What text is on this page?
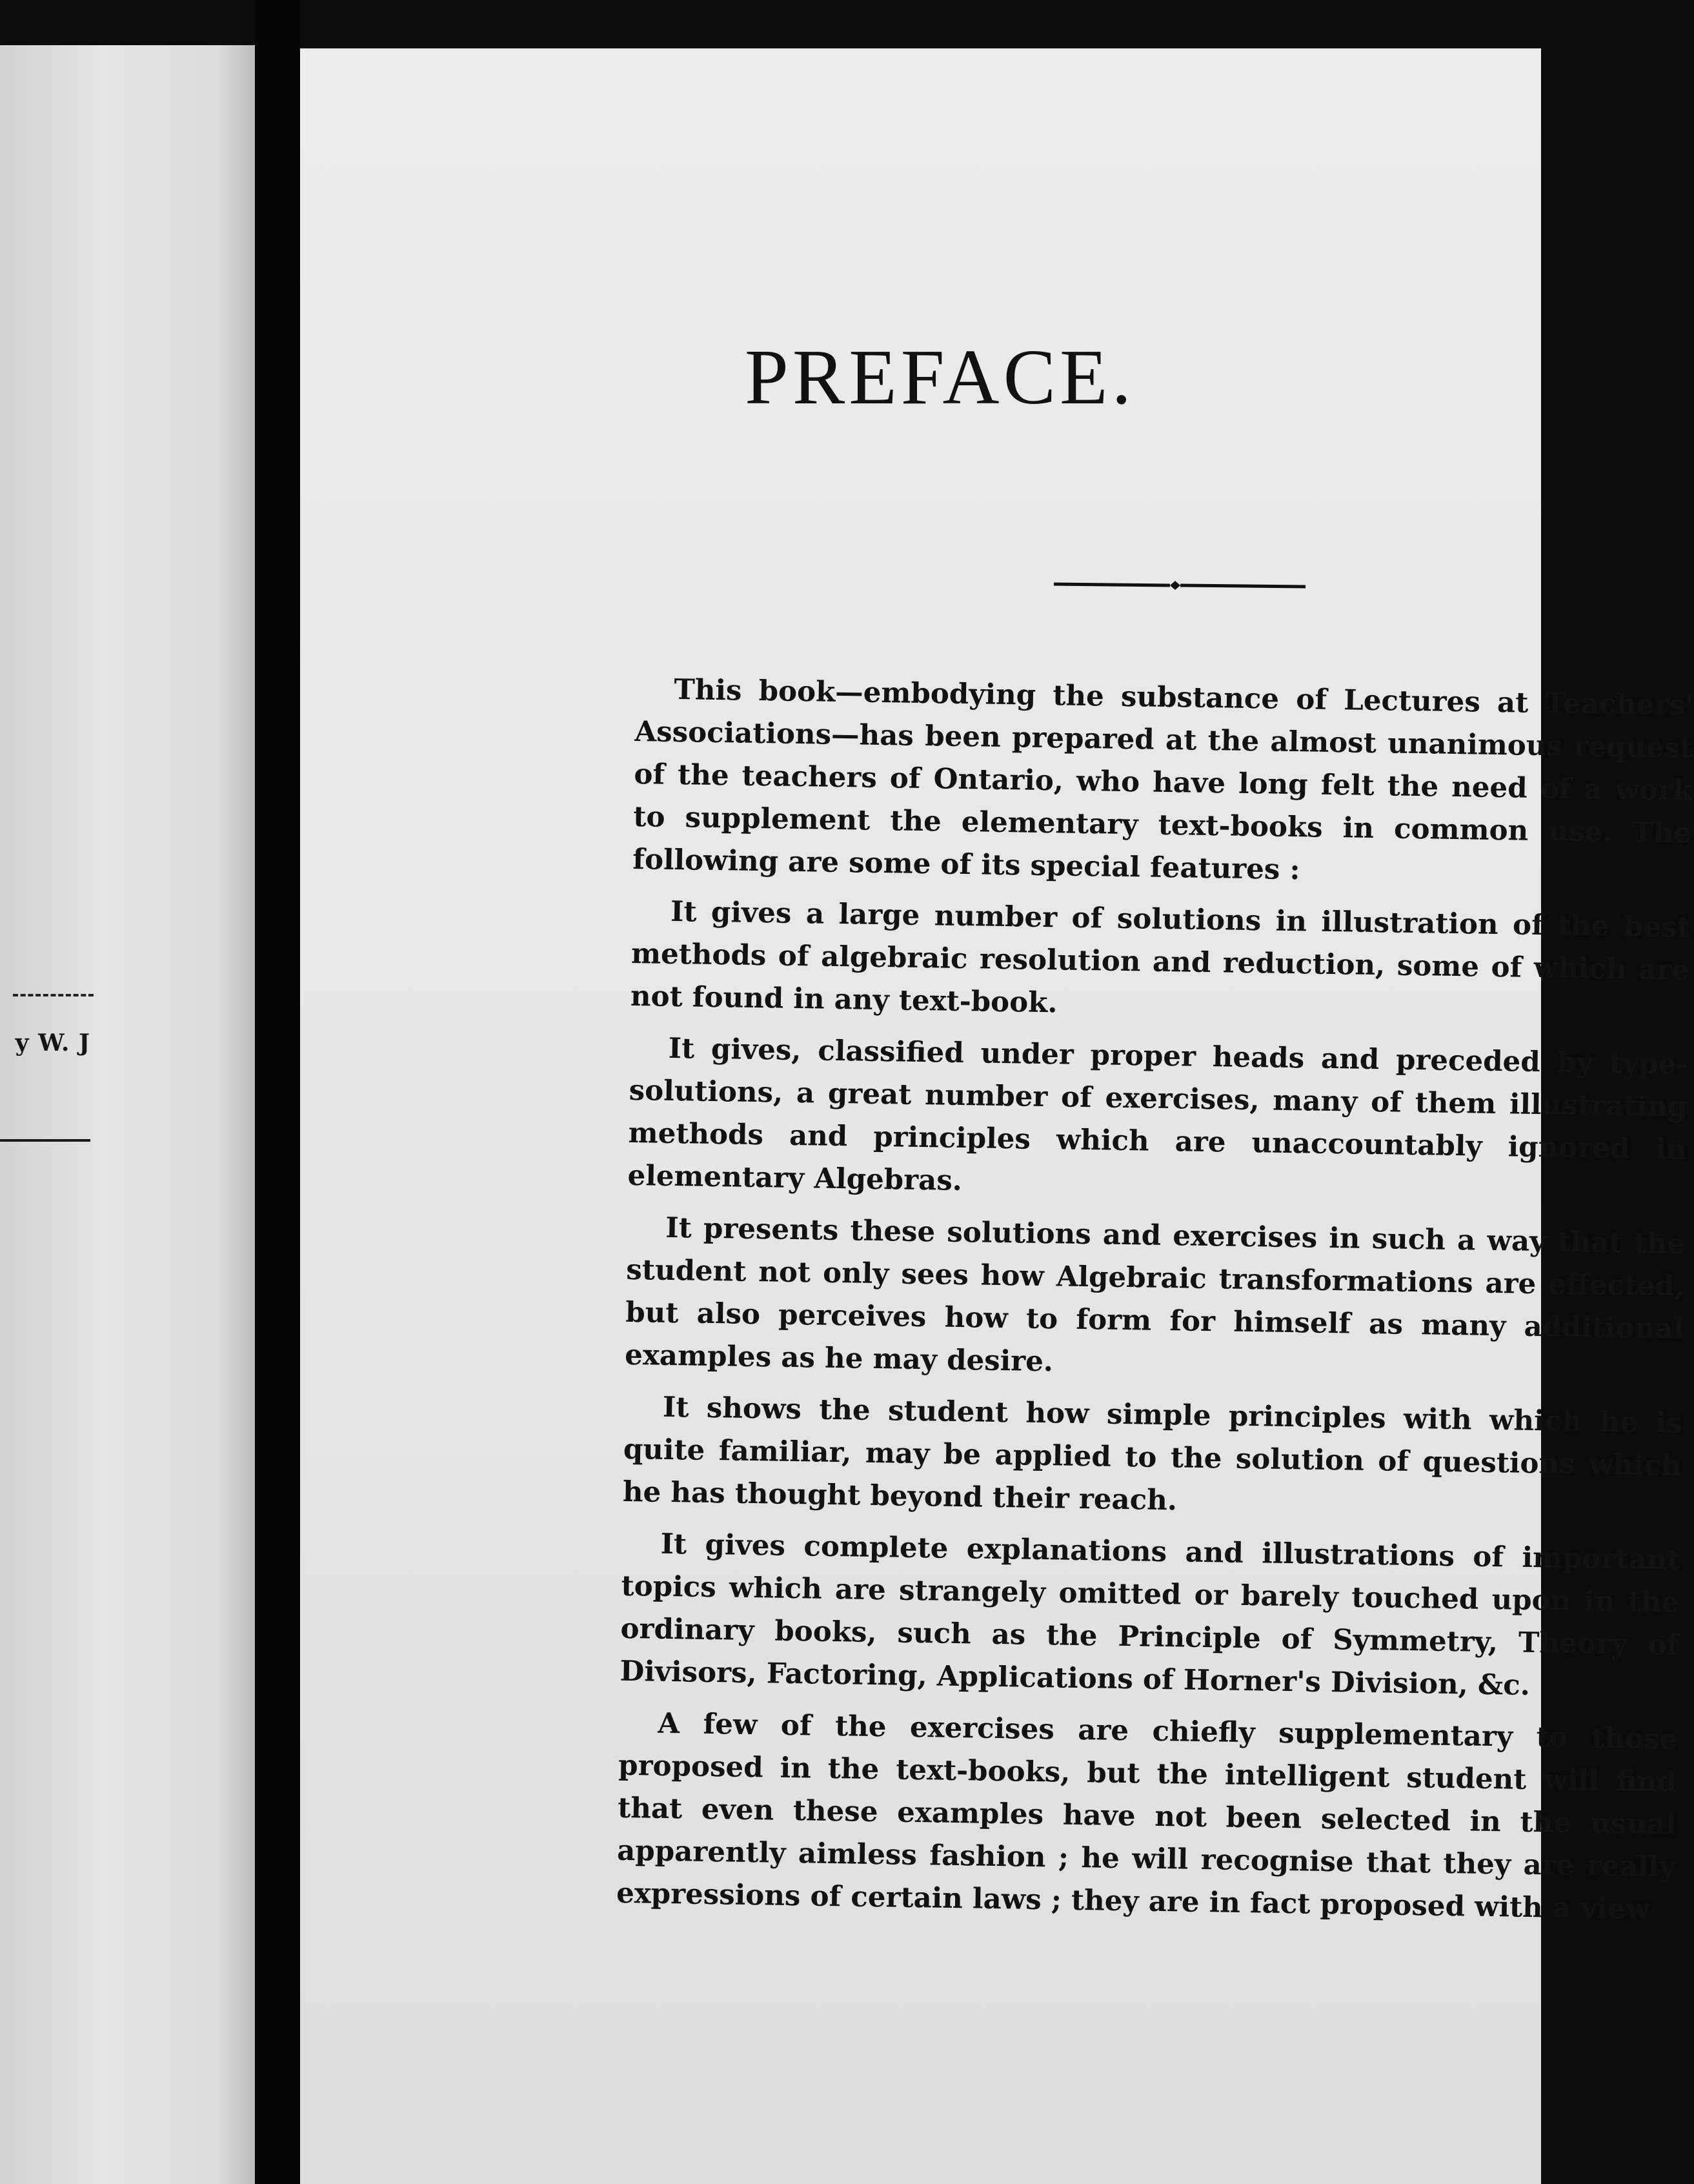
y W. J
PREFACE.

This book—embodying the substance of Lectures at Teachers' Associations—has been prepared at the almost unanimous request of the teachers of Ontario, who have long felt the need of a work to supplement the elementary text-books in common use. The following are some of its special features :

It gives a large number of solutions in illustration of the best methods of algebraic resolution and reduction, some of which are not found in any text-book.

It gives, classified under proper heads and preceded by type-solutions, a great number of exercises, many of them illustrating methods and principles which are unaccountably ignored in elementary Algebras.

It presents these solutions and exercises in such a way that the student not only sees how Algebraic transformations are effected, but also perceives how to form for himself as many additional examples as he may desire.

It shows the student how simple principles with which he is quite familiar, may be applied to the solution of questions which he has thought beyond their reach.

It gives complete explanations and illustrations of important topics which are strangely omitted or barely touched upon in the ordinary books, such as the Principle of Symmetry, Theory of Divisors, Factoring, Applications of Horner's Division, &c.

A few of the exercises are chiefly supplementary to those proposed in the text-books, but the intelligent student will find that even these examples have not been selected in the usual apparently aimless fashion ; he will recognise that they are really expressions of certain laws ; they are in fact proposed with a view
